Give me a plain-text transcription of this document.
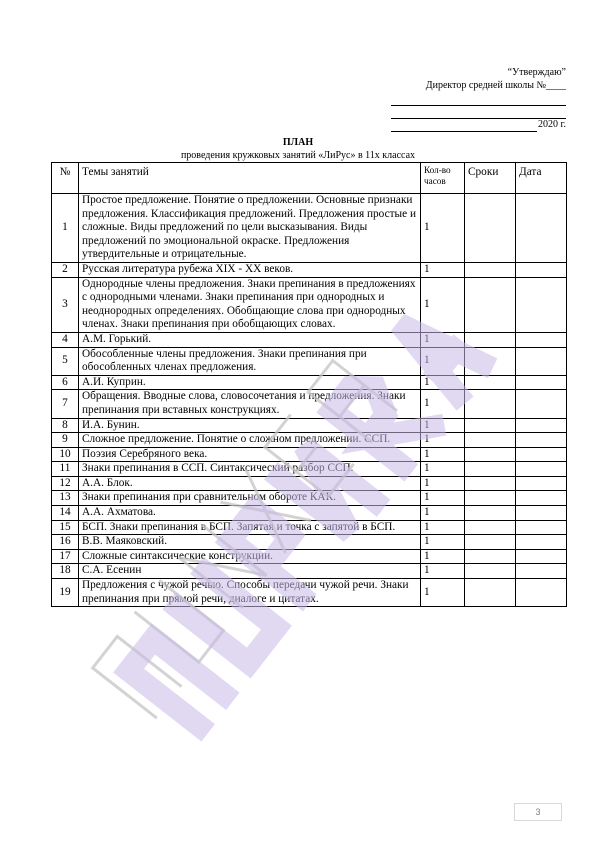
“Утверждаю”
Директор средней школы №____
2020 г.
ПЛАН
проведения кружковых занятий «ЛиРус» в 11х классах
№	Темы занятий	Кол-во часов	Сроки	Дата
1	Простое предложение. Понятие о предложении. Основные признаки предложения. Классификация предложений. Предложения простые и сложные. Виды предложений по цели высказывания. Виды предложений по эмоциональной окраске. Предложения утвердительные и отрицательные.	1		
2	Русская литература рубежа XIX - XX веков.	1		
3	Однородные члены предложения. Знаки препинания в предложениях с однородными членами. Знаки препинания при однородных и неоднородных определениях. Обобщающие слова при однородных членах. Знаки препинания при обобщающих словах.	1		
4	А.М. Горький.	1		
5	Обособленные члены предложения. Знаки препинания при обособленных членах предложения.	1		
6	А.И. Куприн.	1		
7	Обращения. Вводные слова, словосочетания и предложения. Знаки препинания при вставных конструкциях.	1		
8	И.А. Бунин.	1		
9	Сложное предложение. Понятие о сложном предложении. ССП.	1		
10	Поэзия Серебряного века.	1		
11	Знаки препинания в ССП. Синтаксический разбор ССП.	1		
12	А.А. Блок.	1		
13	Знаки препинания при сравнительном обороте КАК.	1		
14	А.А. Ахматова.	1		
15	БСП. Знаки препинания в БСП. Запятая и точка с запятой в БСП.	1		
16	В.В. Маяковский.	1		
17	Сложные синтаксические конструкции.	1		
18	С.А. Есенин	1		
19	Предложения с чужой речью. Способы передачи чужой речи. Знаки препинания при прямой речи, диалоге и цитатах.	1		
3
